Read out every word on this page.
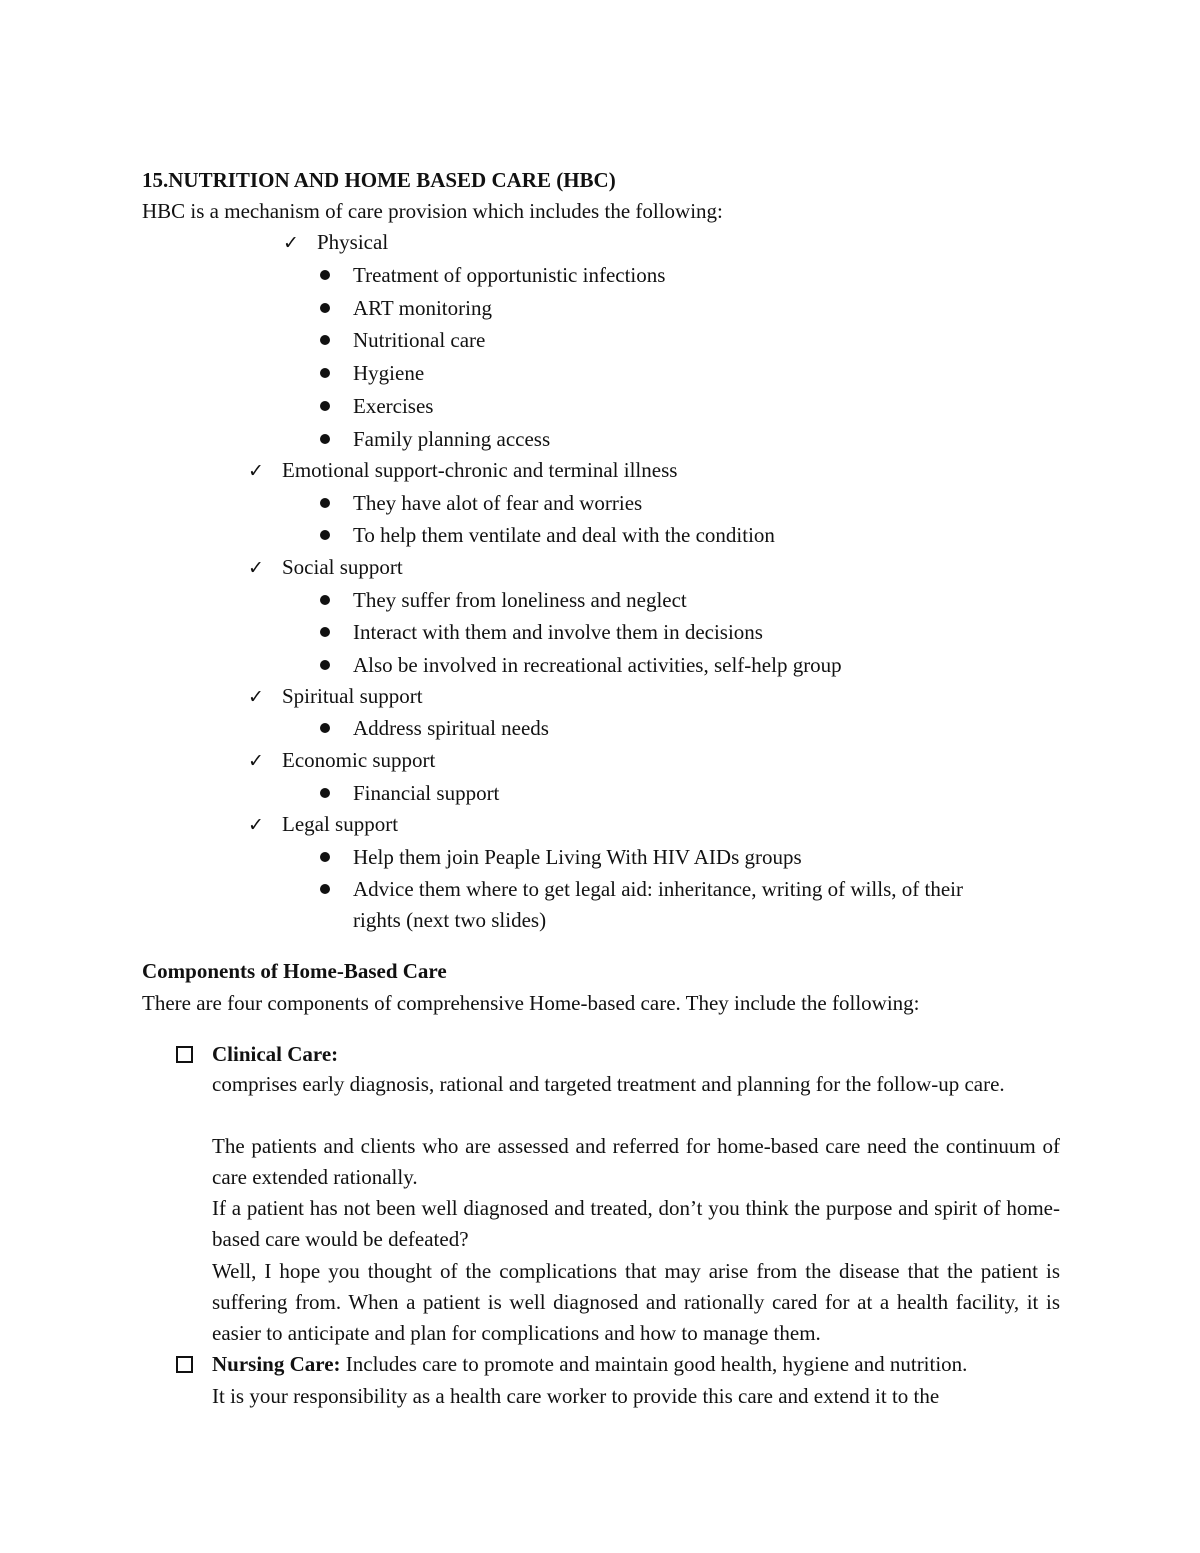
15.NUTRITION AND HOME BASED CARE (HBC)
HBC is a mechanism of care provision which includes the following:
✓ Physical
Treatment of opportunistic infections
ART monitoring
Nutritional care
Hygiene
Exercises
Family planning access
✓ Emotional support-chronic and terminal illness
They have alot of fear and worries
To help them ventilate and deal with the condition
✓ Social support
They suffer from loneliness and neglect
Interact with them and involve them in decisions
Also be involved in recreational activities, self-help group
✓ Spiritual support
Address spiritual needs
✓ Economic support
Financial support
✓ Legal support
Help them join Peaple Living With HIV AIDs groups
Advice them where to get legal aid: inheritance, writing of wills, of their
rights (next two slides)
Components of Home-Based Care
There are four components of comprehensive Home-based care. They include the following:
Clinical Care:
comprises early diagnosis, rational and targeted treatment and planning for the follow-up care.
The patients and clients who are assessed and referred for home-based care need the continuum of care extended rationally.
If a patient has not been well diagnosed and treated, don’t you think the purpose and spirit of home-based care would be defeated?
Well, I hope you thought of the complications that may arise from the disease that the patient is suffering from. When a patient is well diagnosed and rationally cared for at a health facility, it is easier to anticipate and plan for complications and how to manage them.
Nursing Care: Includes care to promote and maintain good health, hygiene and nutrition.
It is your responsibility as a health care worker to provide this care and extend it to the
